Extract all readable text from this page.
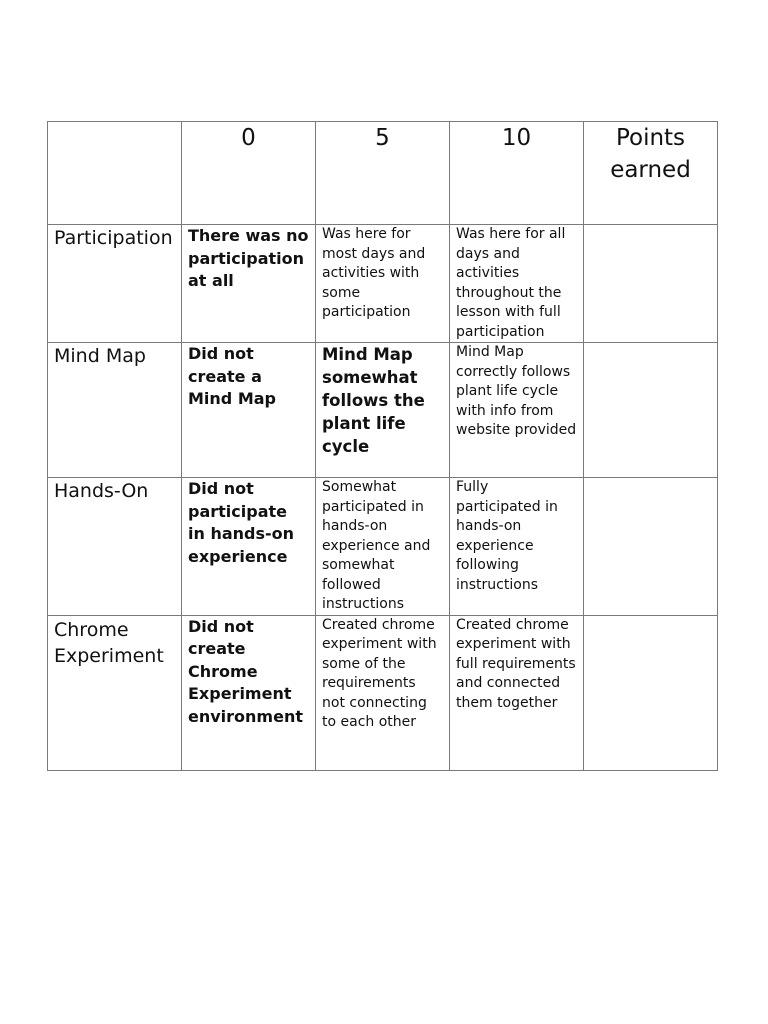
	0	5	10	Points earned
Participation	There was no participation at all	Was here for most days and activities with some participation	Was here for all days and activities throughout the lesson with full participation	
Mind Map	Did not create a Mind Map	Mind Map somewhat follows the plant life cycle	Mind Map correctly follows plant life cycle with info from website provided	
Hands-On	Did not participate in hands-on experience	Somewhat participated in hands-on experience and somewhat followed instructions	Fully participated in hands-on experience following instructions	
Chrome Experiment	Did not create Chrome Experiment environment	Created chrome experiment with some of the requirements not connecting to each other	Created chrome experiment with full requirements and connected them together	
